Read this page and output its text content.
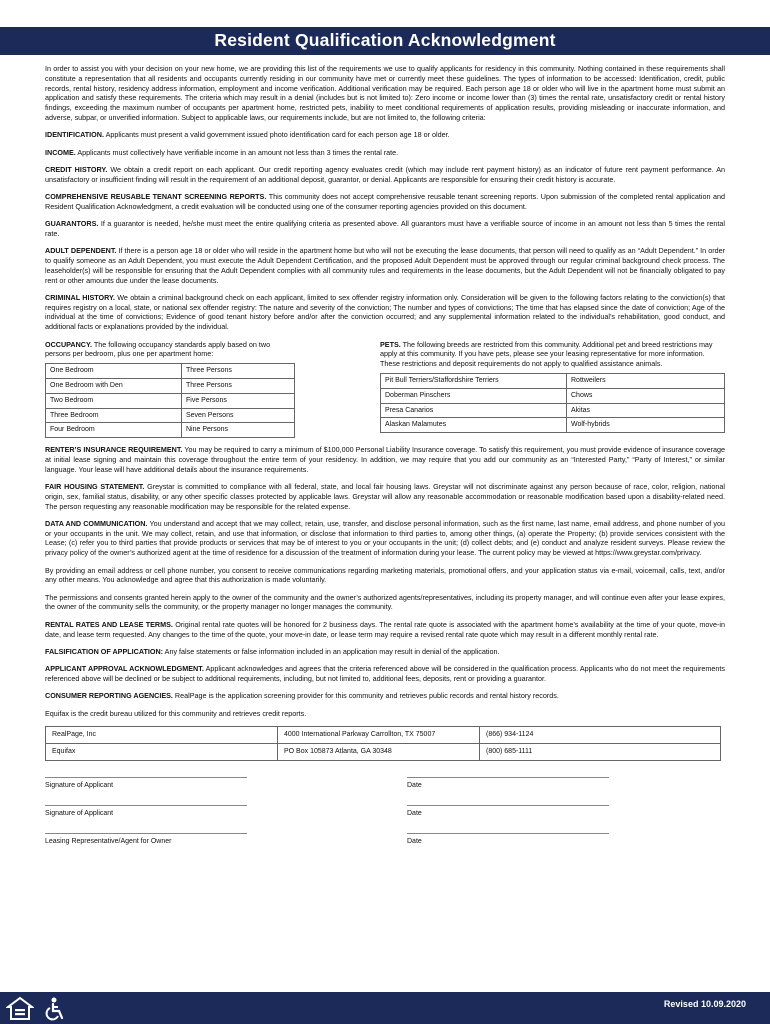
Resident Qualification Acknowledgment

In order to assist you with your decision on your new home, we are providing this list of the requirements we use to qualify applicants for residency in this community. Nothing contained in these requirements shall constitute a representation that all residents and occupants currently residing in our community have met or currently meet these guidelines. The types of information to be accessed: Identification, credit, public records, rental history, residency address information, employment and income verification. Additional verification may be required. Each person age 18 or older who will live in the apartment home must submit an application and satisfy these requirements. The criteria which may result in a denial (includes but is not limited to): Zero income or income lower than (3) times the rental rate, unsatisfactory credit or rental history findings, exceeding the maximum number of occupants per apartment home, restricted pets, inability to meet conditional requirements of application results, providing misleading or inaccurate information, and adverse, subpar, or unverified information. Subject to applicable laws, our requirements include, but are not limited to, the following criteria:

IDENTIFICATION. Applicants must present a valid government issued photo identification card for each person age 18 or older.

INCOME. Applicants must collectively have verifiable income in an amount not less than 3 times the rental rate.

CREDIT HISTORY. We obtain a credit report on each applicant. Our credit reporting agency evaluates credit (which may include rent payment history) as an indicator of future rent payment performance. An unsatisfactory or insufficient finding will result in the requirement of an additional deposit, guarantor, or denial. Applicants are responsible for ensuring their credit history is accurate.

COMPREHENSIVE REUSABLE TENANT SCREENING REPORTS. This community does not accept comprehensive reusable tenant screening reports. Upon submission of the completed rental application and Resident Qualification Acknowledgment, a credit evaluation will be conducted using one of the consumer reporting agencies provided on this document.

GUARANTORS. If a guarantor is needed, he/she must meet the entire qualifying criteria as presented above. All guarantors must have a verifiable source of income in an amount not less than 5 times the rental rate.

ADULT DEPENDENT. If there is a person age 18 or older who will reside in the apartment home but who will not be executing the lease documents, that person will need to qualify as an “Adult Dependent.” In order to qualify someone as an Adult Dependent, you must execute the Adult Dependent Certification, and the proposed Adult Dependent must be approved through our regular criminal background check process. The leaseholder(s) will be responsible for ensuring that the Adult Dependent complies with all community rules and requirements in the lease documents, but the Adult Dependent will not be financially obligated to pay rent or other amounts due under the lease documents.

CRIMINAL HISTORY. We obtain a criminal background check on each applicant, limited to sex offender registry information only. Consideration will be given to the following factors relating to the conviction(s) that requires registry on a local, state, or national sex offender registry: The nature and severity of the conviction; The number and types of convictions; The time that has elapsed since the date of conviction; Age of the individual at the time of convictions; Evidence of good tenant history before and/or after the conviction occurred; and any supplemental information related to the individual’s rehabilitation, good conduct, and additional facts or explanations provided by the individual.

OCCUPANCY. The following occupancy standards apply based on two persons per bedroom, plus one per apartment home:
One Bedroom	Three Persons
One Bedroom with Den	Three Persons
Two Bedroom	Five Persons
Three Bedroom	Seven Persons
Four Bedroom	Nine Persons
PETS. The following breeds are restricted from this community. Additional pet and breed restrictions may apply at this community. If you have pets, please see your leasing representative for more information. These restrictions and deposit requirements do not apply to qualified assistance animals.
Pit Bull Terriers/Staffordshire Terriers	Rottweilers
Doberman Pinschers	Chows
Presa Canarios	Akitas
Alaskan Malamutes	Wolf-hybrids

RENTER’S INSURANCE REQUIREMENT. You may be required to carry a minimum of $100,000 Personal Liability Insurance coverage. To satisfy this requirement, you must provide evidence of insurance coverage at initial lease signing and maintain this coverage throughout the entire term of your residency. In addition, we may require that you add our community as an “Interested Party,” “Party of Interest,” or similar language. Your lease will have additional details about the insurance requirements.

FAIR HOUSING STATEMENT. Greystar is committed to compliance with all federal, state, and local fair housing laws. Greystar will not discriminate against any person because of race, color, religion, national origin, sex, familial status, disability, or any other specific classes protected by applicable laws. Greystar will allow any reasonable accommodation or reasonable modification based upon a disability-related need. The person requesting any reasonable modification may be responsible for the related expense.

DATA AND COMMUNICATION. You understand and accept that we may collect, retain, use, transfer, and disclose personal information, such as the first name, last name, email address, and phone number of you or your occupants in the unit. We may collect, retain, and use that information, or disclose that information to third parties to, among other things, (a) operate the Property; (b) provide services consistent with the Lease; (c) refer you to third parties that provide products or services that may be of interest to you or your occupants in the unit; (d) collect debts; and (e) conduct and analyze resident surveys. Please review the privacy policy of the owner’s authorized agent at the time of residence for a discussion of the treatment of information during your lease. The current policy may be viewed at https://www.greystar.com/privacy.

By providing an email address or cell phone number, you consent to receive communications regarding marketing materials, promotional offers, and your application status via e-mail, voicemail, calls, text, and/or any other means. You acknowledge and agree that this authorization is made voluntarily.

The permissions and consents granted herein apply to the owner of the community and the owner’s authorized agents/representatives, including its property manager, and will continue even after your lease expires, the owner of the community sells the community, or the property manager no longer manages the community.

RENTAL RATES AND LEASE TERMS. Original rental rate quotes will be honored for 2 business days. The rental rate quote is associated with the apartment home’s availability at the time of your quote, move-in date, and lease term requested. Any changes to the time of the quote, your move-in date, or lease term may require a revised rental rate quote which may result in a different monthly rental rate.

FALSIFICATION OF APPLICATION: Any false statements or false information included in an application may result in denial of the application.

APPLICANT APPROVAL ACKNOWLEDGMENT. Applicant acknowledges and agrees that the criteria referenced above will be considered in the qualification process. Applicants who do not meet the requirements referenced above will be declined or be subject to additional requirements, including, but not limited to, additional fees, deposits, rent or providing a guarantor.

CONSUMER REPORTING AGENCIES. RealPage is the application screening provider for this community and retrieves public records and rental history records.

Equifax is the credit bureau utilized for this community and retrieves credit reports.

RealPage, Inc	4000 International Parkway Carrollton, TX 75007	(866) 934-1124
Equifax	PO Box 105873 Atlanta, GA 30348	(800) 685-1111
Signature of Applicant	Date
Signature of Applicant	Date
Leasing Representative/Agent for Owner	Date
Revised 10.09.2020
